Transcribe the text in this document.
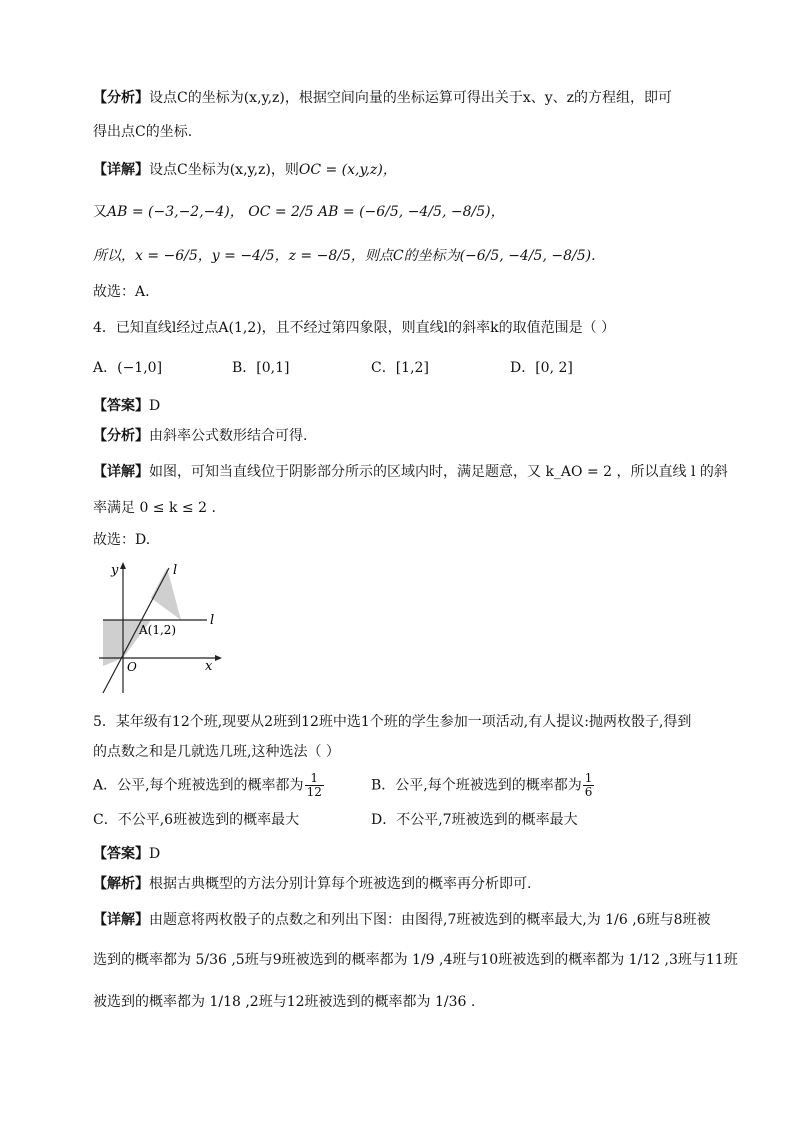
【分析】设点C的坐标为(x,y,z)，根据空间向量的坐标运算可得出关于x、y、z的方程组，即可
得出点C的坐标.
【详解】设点C坐标为(x,y,z)，则OC = (x,y,z)，
又AB = (−3,−2,−4)， OC = 2/5 AB = (−6/5, −4/5, −8/5)，
所以，x = −6/5，y = −4/5，z = −8/5，则点C的坐标为(−6/5, −4/5, −8/5).
故选：A.
4．已知直线l经过点A(1,2)，且不经过第四象限，则直线l的斜率k的取值范围是（ ）
A．(−1,0]	B．[0,1]	C．[1,2]	D．[0, 2]
【答案】D
【分析】由斜率公式数形结合可得.
【详解】如图，可知当直线位于阴影部分所示的区域内时，满足题意，又 k_AO = 2 ，所以直线 l 的斜
率满足 0 ≤ k ≤ 2 .
故选：D.
y	l
l
A(1,2)
O	x
5．某年级有12个班,现要从2班到12班中选1个班的学生参加一项活动,有人提议:抛两枚骰子,得到
的点数之和是几就选几班,这种选法（ ）
A．公平,每个班被选到的概率都为 $\frac{1}{12}$	B．公平,每个班被选到的概率都为 $\frac{1}{6}$
C．不公平,6班被选到的概率最大	D．不公平,7班被选到的概率最大
【答案】D
【解析】根据古典概型的方法分别计算每个班被选到的概率再分析即可.
【详解】由题意将两枚骰子的点数之和列出下图：由图得,7班被选到的概率最大,为 1/6 ,6班与8班被
选到的概率都为 5/36 ,5班与9班被选到的概率都为 1/9 ,4班与10班被选到的概率都为 1/12 ,3班与11班
被选到的概率都为 1/18 ,2班与12班被选到的概率都为 1/36 .
